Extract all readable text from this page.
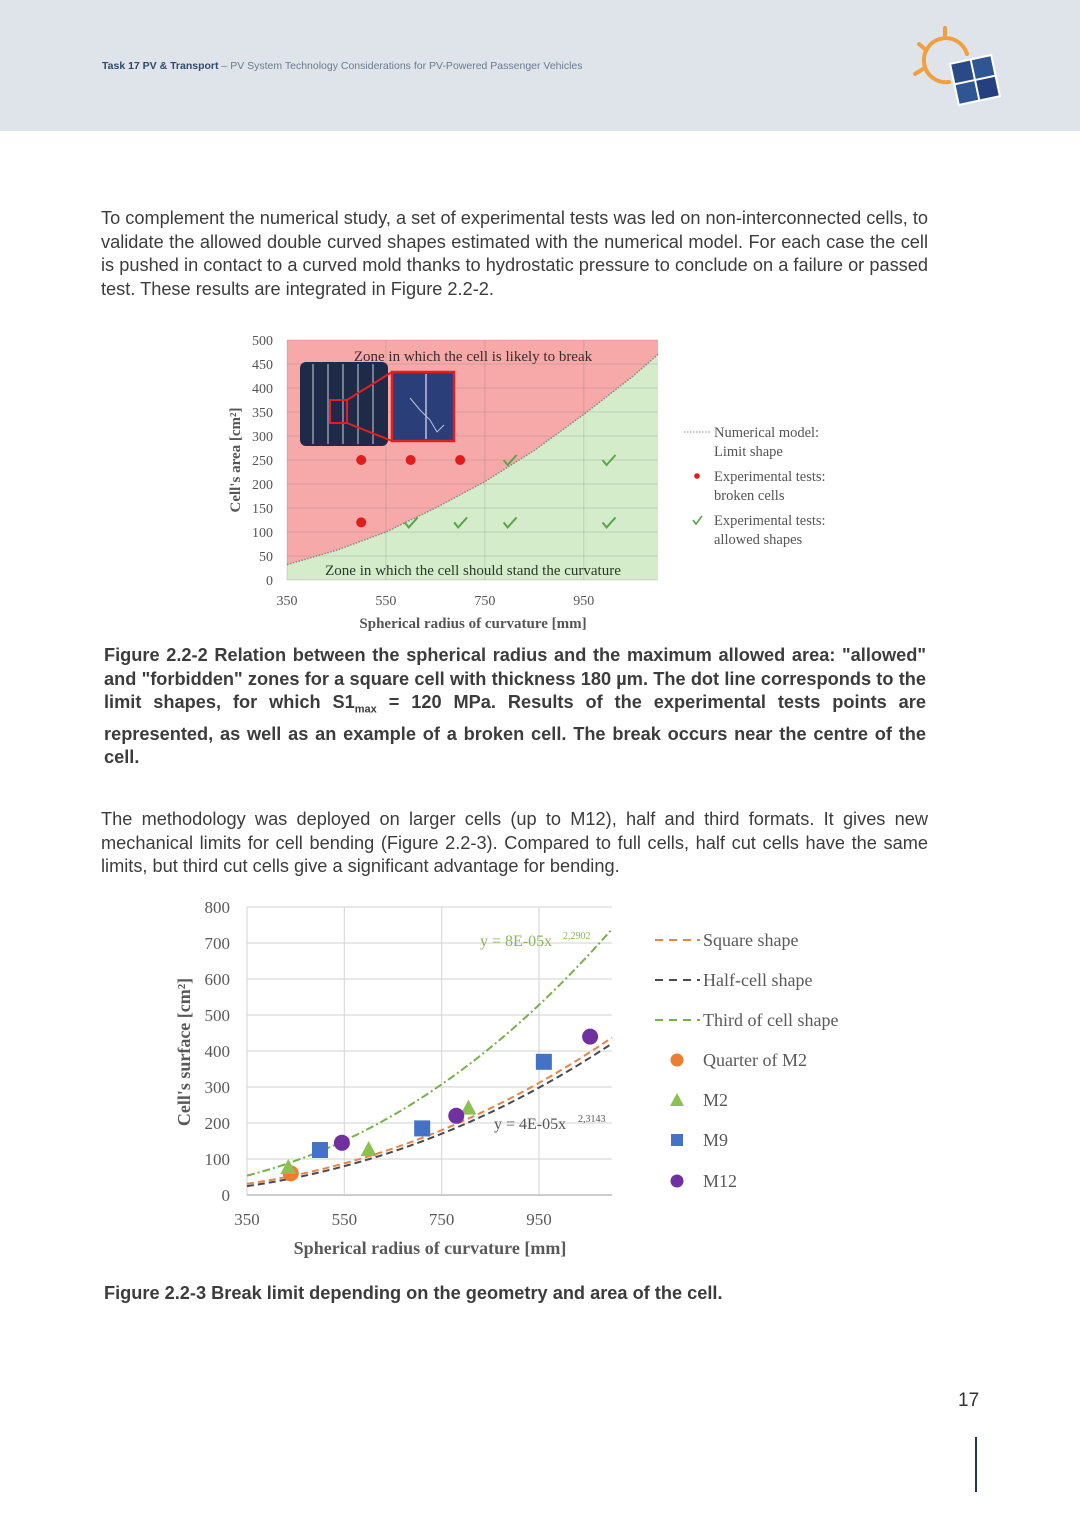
Task 17 PV & Transport – PV System Technology Considerations for PV-Powered Passenger Vehicles

To complement the numerical study, a set of experimental tests was led on non-interconnected cells, to validate the allowed double curved shapes estimated with the numerical model. For each case the cell is pushed in contact to a curved mold thanks to hydrostatic pressure to conclude on a failure or passed test. These results are integrated in Figure 2.2-2.

Zone in which the cell is likely to break
Zone in which the cell should stand the curvature
0
50
100
150
200
250
300
350
400
450
500
350	550	750	950
Spherical radius of curvature [mm]
Cell's area [cm²]	Numerical model:
Limit shape
Experimental tests:
broken cells
Experimental tests:
allowed shapes

Figure 2.2-2 Relation between the spherical radius and the maximum allowed area: "allowed" and "forbidden" zones for a square cell with thickness 180 µm. The dot line corresponds to the limit shapes, for which $S1_{max} = 120$ MPa. Results of the experimental tests points are represented, as well as an example of a broken cell. The break occurs near the centre of the cell.

The methodology was deployed on larger cells (up to M12), half and third formats. It gives new mechanical limits for cell bending (Figure 2.2-3). Compared to full cells, half cut cells have the same limits, but third cut cells give a significant advantage for bending.

y = 8E-05x 2,2902
y = 4E-05x 2,3143
0
100
200
300
400
500
600
700
800
350	550	750	950
Spherical radius of curvature [mm]
Cell's surface [cm²]
Square shape
Half-cell shape
Third of cell shape
Quarter of M2
M2
M9
M12

Figure 2.2-3 Break limit depending on the geometry and area of the cell.

17
